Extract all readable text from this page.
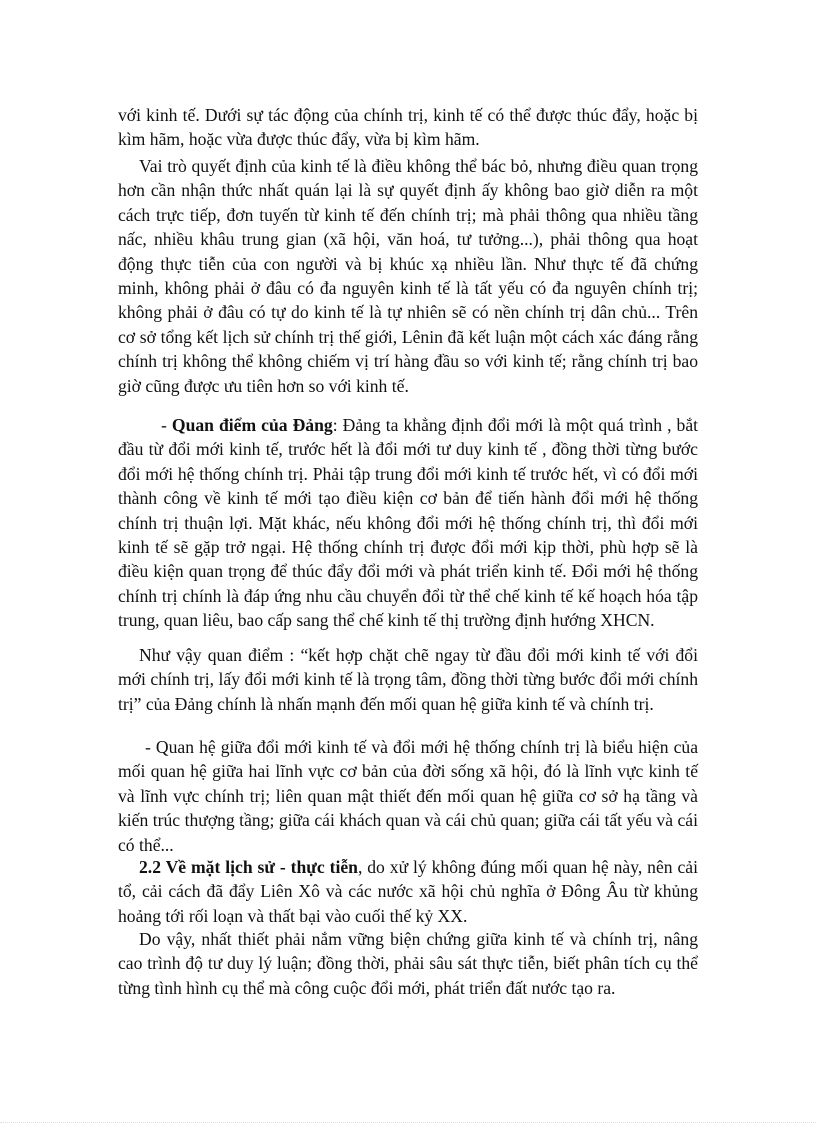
với kinh tế. Dưới sự tác động của chính trị, kinh tế có thể được thúc đẩy, hoặc bị kìm hãm, hoặc vừa được thúc đẩy, vừa bị kìm hãm.

Vai trò quyết định của kinh tế là điều không thể bác bỏ, nhưng điều quan trọng hơn cần nhận thức nhất quán lại là sự quyết định ấy không bao giờ diễn ra một cách trực tiếp, đơn tuyến từ kinh tế đến chính trị; mà phải thông qua nhiều tầng nấc, nhiều khâu trung gian (xã hội, văn hoá, tư tưởng...), phải thông qua hoạt động thực tiễn của con người và bị khúc xạ nhiều lần. Như thực tế đã chứng minh, không phải ở đâu có đa nguyên kinh tế là tất yếu có đa nguyên chính trị; không phải ở đâu có tự do kinh tế là tự nhiên sẽ có nền chính trị dân chủ... Trên cơ sở tổng kết lịch sử chính trị thế giới, Lênin đã kết luận một cách xác đáng rằng chính trị không thể không chiếm vị trí hàng đầu so với kinh tế; rằng chính trị bao giờ cũng được ưu tiên hơn so với kinh tế.

- Quan điểm của Đảng: Đảng ta khẳng định đổi mới là một quá trình , bắt đầu từ đổi mới kinh tế, trước hết là đổi mới tư duy kinh tế , đồng thời từng bước đổi mới hệ thống chính trị. Phải tập trung đổi mới kinh tế trước hết, vì có đổi mới thành công về kinh tế mới tạo điều kiện cơ bản để tiến hành đổi mới hệ thống chính trị thuận lợi. Mặt khác, nếu không đổi mới hệ thống chính trị, thì đổi mới kinh tế sẽ gặp trở ngại. Hệ thống chính trị được đổi mới kịp thời, phù hợp sẽ là điều kiện quan trọng để thúc đẩy đổi mới và phát triển kinh tế. Đổi mới hệ thống chính trị chính là đáp ứng nhu cầu chuyển đổi từ thể chế kinh tế kế hoạch hóa tập trung, quan liêu, bao cấp sang thể chế kinh tế thị trường định hướng XHCN.

Như vậy quan điểm : “kết hợp chặt chẽ ngay từ đầu đổi mới kinh tế với đổi mới chính trị, lấy đổi mới kinh tế là trọng tâm, đồng thời từng bước đổi mới chính trị” của Đảng chính là nhấn mạnh đến mối quan hệ giữa kinh tế và chính trị.

- Quan hệ giữa đổi mới kinh tế và đổi mới hệ thống chính trị là biểu hiện của mối quan hệ giữa hai lĩnh vực cơ bản của đời sống xã hội, đó là lĩnh vực kinh tế và lĩnh vực chính trị; liên quan mật thiết đến mối quan hệ giữa cơ sở hạ tầng và kiến trúc thượng tầng; giữa cái khách quan và cái chủ quan; giữa cái tất yếu và cái có thể...

2.2 Về mặt lịch sử - thực tiễn, do xử lý không đúng mối quan hệ này, nên cải tổ, cải cách đã đẩy Liên Xô và các nước xã hội chủ nghĩa ở Đông Âu từ khủng hoảng tới rối loạn và thất bại vào cuối thế kỷ XX.

Do vậy, nhất thiết phải nắm vững biện chứng giữa kinh tế và chính trị, nâng cao trình độ tư duy lý luận; đồng thời, phải sâu sát thực tiễn, biết phân tích cụ thể từng tình hình cụ thể mà công cuộc đổi mới, phát triển đất nước tạo ra.
